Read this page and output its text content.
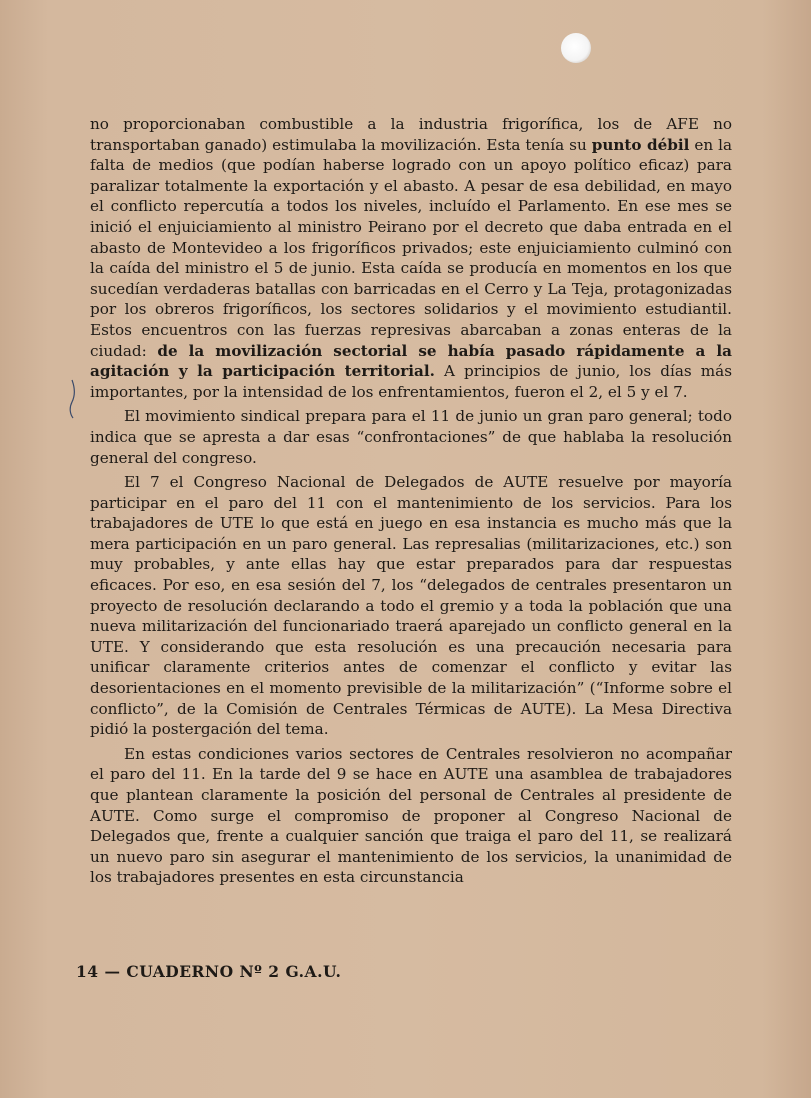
no proporcionaban combustible a la industria frigorífica, los de AFE no transportaban ganado) estimulaba la movilización. Esta tenía su punto débil en la falta de medios (que podían haberse logrado con un apoyo político eficaz) para paralizar totalmente la exportación y el abasto. A pesar de esa debilidad, en mayo el conflicto repercutía a todos los niveles, incluído el Parlamento. En ese mes se inició el enjuiciamiento al ministro Peirano por el decreto que daba entrada en el abasto de Montevideo a los frigoríficos privados; este enjuiciamiento culminó con la caída del ministro el 5 de junio. Esta caída se producía en momentos en los que sucedían verdaderas batallas con barricadas en el Cerro y La Teja, protagonizadas por los obreros frigoríficos, los sectores solidarios y el movimiento estudiantil. Estos encuentros con las fuerzas represivas abarcaban a zonas enteras de la ciudad: de la movilización sectorial se había pasado rápidamente a la agitación y la participación territorial. A principios de junio, los días más importantes, por la intensidad de los enfrentamientos, fueron el 2, el 5 y el 7.

El movimiento sindical prepara para el 11 de junio un gran paro general; todo indica que se apresta a dar esas “confrontaciones” de que hablaba la resolución general del congreso.

El 7 el Congreso Nacional de Delegados de AUTE resuelve por mayoría participar en el paro del 11 con el mantenimiento de los servicios. Para los trabajadores de UTE lo que está en juego en esa instancia es mucho más que la mera participación en un paro general. Las represalias (militarizaciones, etc.) son muy probables, y ante ellas hay que estar preparados para dar respuestas eficaces. Por eso, en esa sesión del 7, los “delegados de centrales presentaron un proyecto de resolución declarando a todo el gremio y a toda la población que una nueva militarización del funcionariado traerá aparejado un conflicto general en la UTE. Y considerando que esta resolución es una precaución necesaria para unificar claramente criterios antes de comenzar el conflicto y evitar las desorientaciones en el momento previsible de la militarización” (“Informe sobre el conflicto”, de la Comisión de Centrales Térmicas de AUTE). La Mesa Directiva pidió la postergación del tema.

En estas condiciones varios sectores de Centrales resolvieron no acompañar el paro del 11. En la tarde del 9 se hace en AUTE una asamblea de trabajadores que plantean claramente la posición del personal de Centrales al presidente de AUTE. Como surge el compromiso de proponer al Congreso Nacional de Delegados que, frente a cualquier sanción que traiga el paro del 11, se realizará un nuevo paro sin asegurar el mantenimiento de los servicios, la unanimidad de los trabajadores presentes en esta circunstancia

14 — CUADERNO Nº 2 G.A.U.
